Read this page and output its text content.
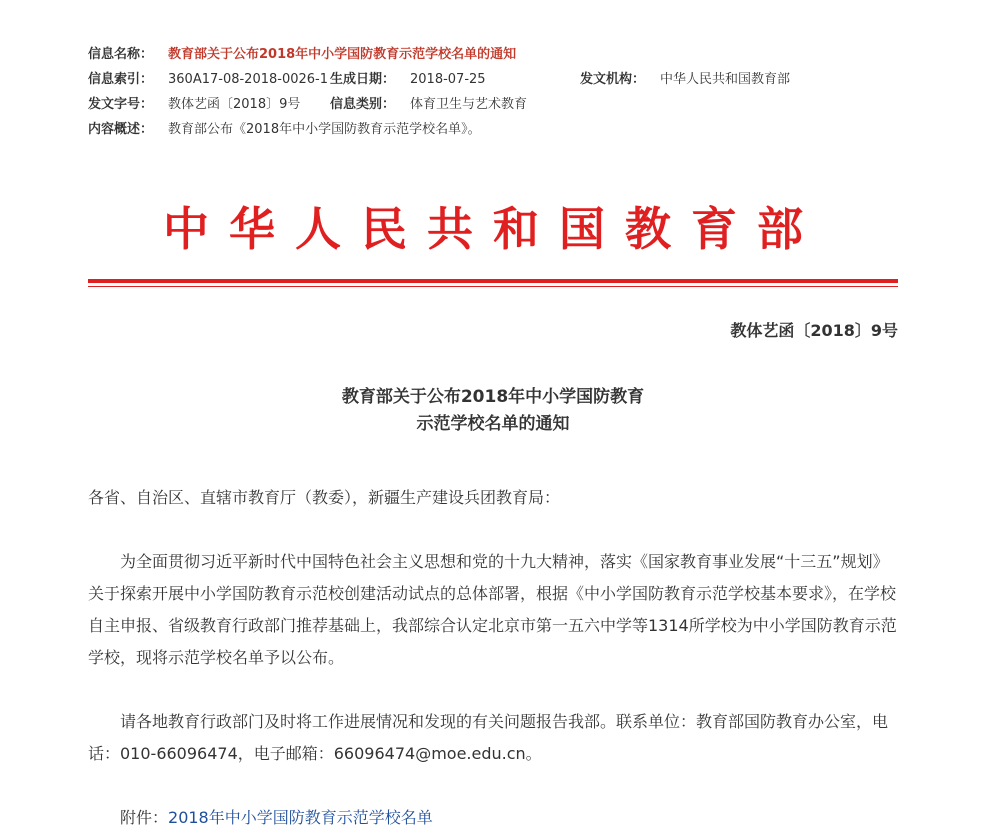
信息名称：	教育部关于公布2018年中小学国防教育示范学校名单的通知
信息索引：	360A17-08-2018-0026-1 生成日期：	2018-07-25	发文机构：	中华人民共和国教育部
发文字号：	教体艺函〔2018〕9号	信息类别：	体育卫生与艺术教育
内容概述：	教育部公布《2018年中小学国防教育示范学校名单》。
中华人民共和国教育部
教体艺函〔2018〕9号
教育部关于公布2018年中小学国防教育
示范学校名单的通知
各省、自治区、直辖市教育厅（教委），新疆生产建设兵团教育局：
为全面贯彻习近平新时代中国特色社会主义思想和党的十九大精神，落实《国家教育事业发展“十三五”规划》关于探索开展中小学国防教育示范校创建活动试点的总体部署，根据《中小学国防教育示范学校基本要求》，在学校自主申报、省级教育行政部门推荐基础上，我部综合认定北京市第一五六中学等1314所学校为中小学国防教育示范学校，现将示范学校名单予以公布。
请各地教育行政部门及时将工作进展情况和发现的有关问题报告我部。联系单位：教育部国防教育办公室，电话：010-66096474，电子邮箱：66096474@moe.edu.cn。
附件：2018年中小学国防教育示范学校名单
